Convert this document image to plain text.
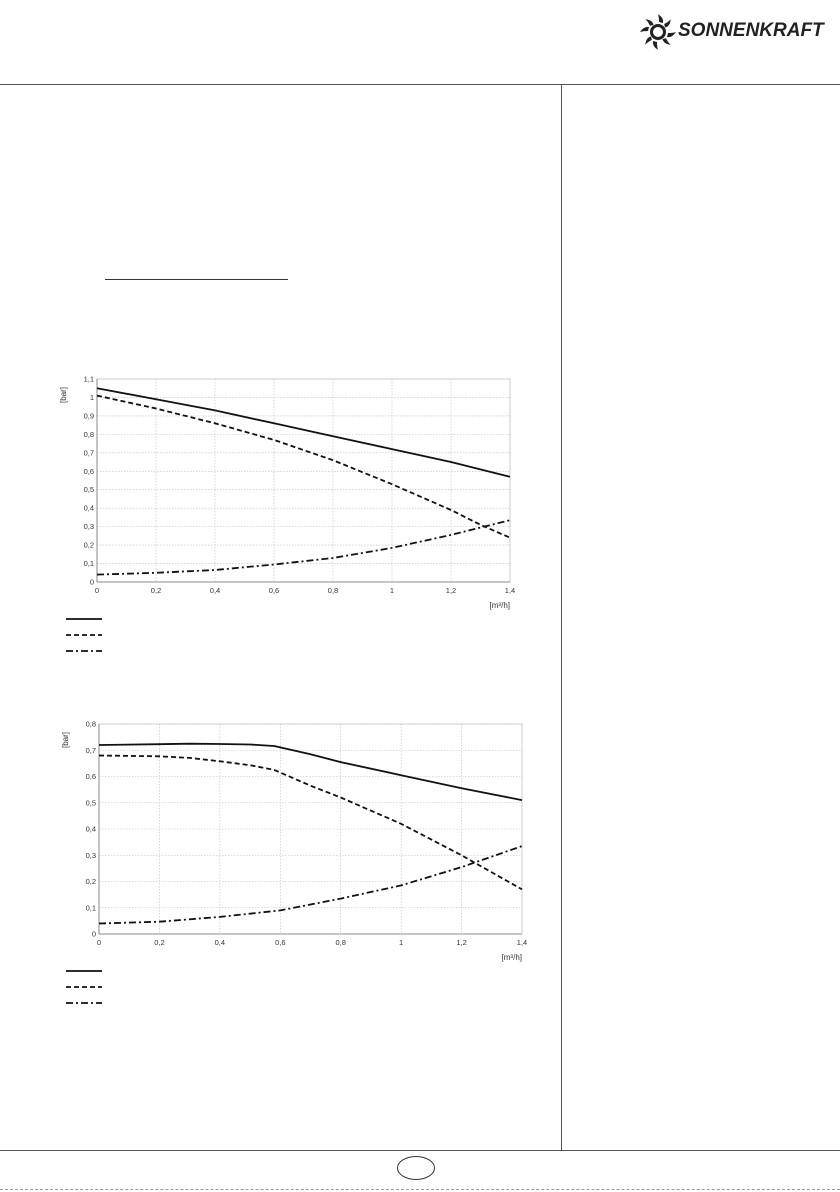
SONNENKRAFT
0
0,1
0,2
0,3
0,4
0,5
0,6
0,7
0,8
0,9
1
1,1
0	0,2	0,4	0,6	0,8	1	1,2	1,4
[bar]
[m³/h]
0
0,1
0,2
0,3
0,4
0,5
0,6
0,7
0,8
0	0,2	0,4	0,6	0,8	1	1,2	1,4
[bar]
[m³/h]
